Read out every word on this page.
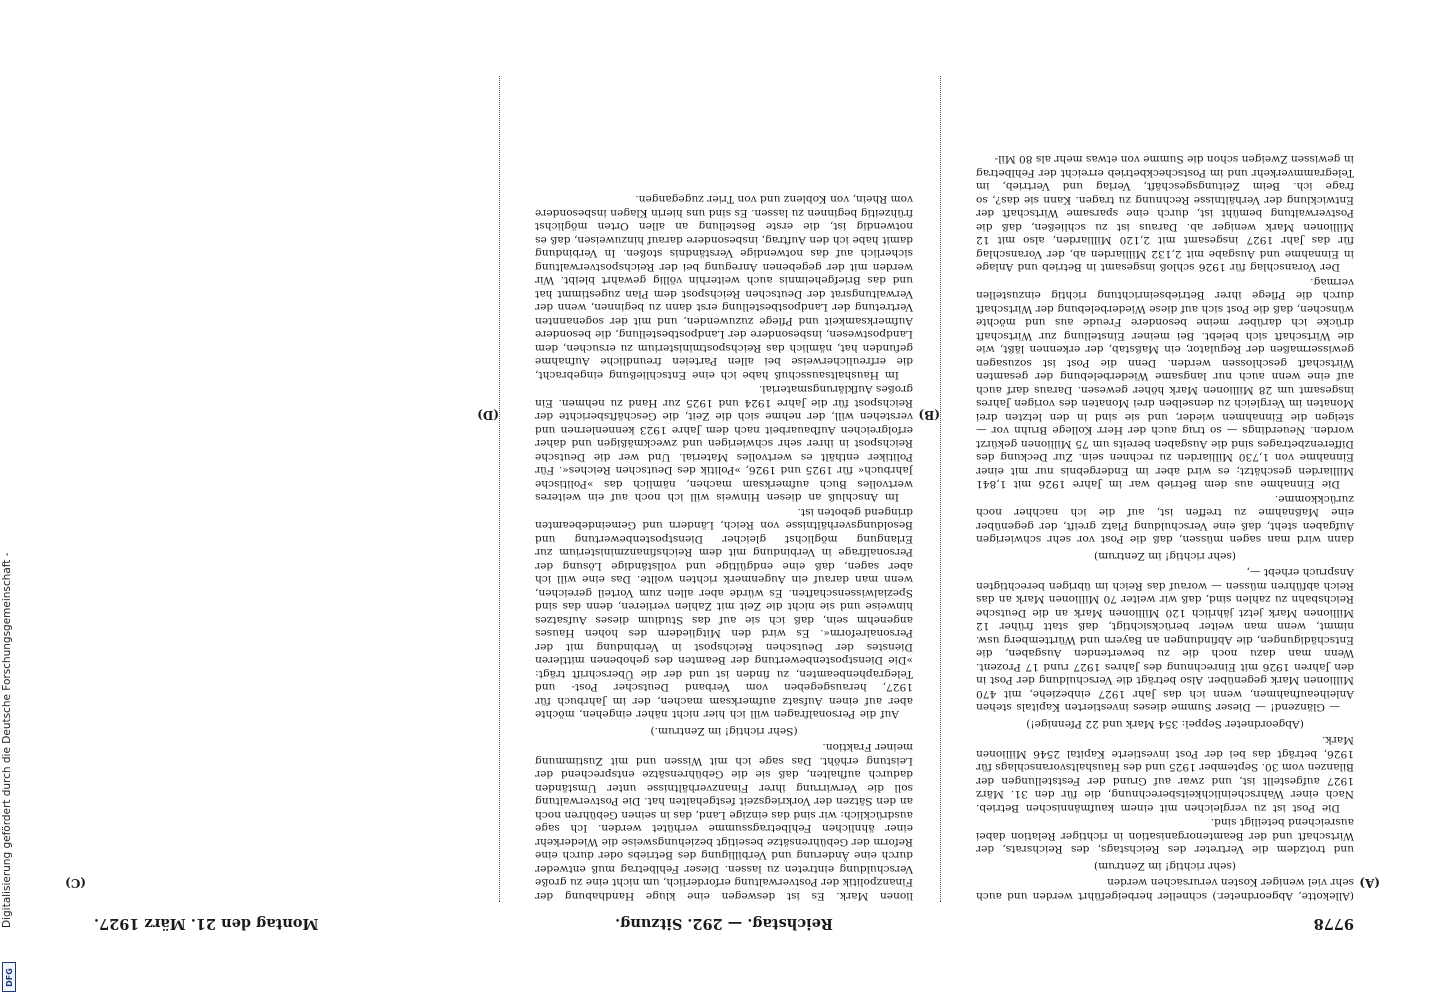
9778
Reichstag. — 292. Sitzung.
Montag den 21. März 1927.
(A)
(B)
(C)
(D)

(Allekotte, Abgeordneter.) schneller herbeigeführt werden und auch sehr viel weniger Kosten verursachen werden

(sehr richtig! im Zentrum)

und trotzdem die Vertreter des Reichstags, des Reichsrats, der Wirtschaft und der Beamtenorganisation in richtiger Relation dabei ausreichend beteiligt sind.

Die Post ist zu vergleichen mit einem kaufmännischen Betrieb. Nach einer Wahrscheinlichkeitsberechnung, die für den 31. März 1927 aufgestellt ist, und zwar auf Grund der Feststellungen der Bilanzen vom 30. September 1925 und des Haushaltsvoranschlags für 1926, beträgt das bei der Post investierte Kapital 2546 Millionen Mark.

(Abgeordneter Seppel: 354 Mark und 22 Pfennige!)

— Glänzend! — Dieser Summe dieses investierten Kapitals stehen Anleiheaufnahmen, wenn ich das Jahr 1927 einbeziehe, mit 470 Millionen Mark gegenüber. Also beträgt die Verschuldung der Post in den Jahren 1926 mit Einrechnung des Jahres 1927 rund 17 Prozent. Wenn man dazu noch die zu bewertenden Ausgaben, die Entschädigungen, die Abfindungen an Bayern und Württemberg usw. nimmt, wenn man weiter berücksichtigt, daß statt früher 12 Millionen Mark jetzt jährlich 120 Millionen Mark an die Deutsche Reichsbahn zu zahlen sind, daß wir weiter 70 Millionen Mark an das Reich abführen müssen — worauf das Reich im übrigen berechtigten Anspruch erhebt —,

(sehr richtig! im Zentrum)

dann wird man sagen müssen, daß die Post vor sehr schwierigen Aufgaben steht, daß eine Verschuldung Platz greift, der gegenüber eine Maßnahme zu treffen ist, auf die ich nachher noch zurückkomme.

Die Einnahme aus dem Betrieb war im Jahre 1926 mit 1,841 Milliarden geschätzt; es wird aber im Endergebnis nur mit einer Einnahme von 1,730 Milliarden zu rechnen sein. Zur Deckung des Differenzbetrages sind die Ausgaben bereits um 75 Millionen gekürzt worden. Neuerdings — so trug auch der Herr Kollege Bruhn vor — steigen die Einnahmen wieder, und sie sind in den letzten drei Monaten im Vergleich zu denselben drei Monaten des vorigen Jahres insgesamt um 28 Millionen Mark höher gewesen. Daraus darf auch auf eine wenn auch nur langsame Wiederbelebung der gesamten Wirtschaft geschlossen werden. Denn die Post ist sozusagen gewissermaßen der Regulator, ein Maßstab, der erkennen läßt, wie die Wirtschaft sich belebt. Bei meiner Einstellung zur Wirtschaft drücke ich darüber meine besondere Freude aus und möchte wünschen, daß die Post sich auf diese Wiederbelebung der Wirtschaft durch die Pflege ihrer Betriebseinrichtung richtig einzustellen vermag.

Der Voranschlag für 1926 schloß insgesamt in Betrieb und Anlage in Einnahme und Ausgabe mit 2,132 Milliarden ab, der Voranschlag für das Jahr 1927 insgesamt mit 2,120 Milliarden, also mit 12 Millionen Mark weniger ab. Daraus ist zu schließen, daß die Postverwaltung bemüht ist, durch eine sparsame Wirtschaft der Entwicklung der Verhältnisse Rechnung zu tragen. Kann sie das?, so frage ich. Beim Zeitungsgeschäft, Verlag und Vertrieb, im Telegrammverkehr und im Postscheckbetrieb erreicht der Fehlbetrag in gewissen Zweigen schon die Summe von etwas mehr als 80 Mil-

lionen Mark. Es ist deswegen eine kluge Handhabung der Finanzpolitik der Postverwaltung erforderlich, um nicht eine zu große Verschuldung eintreten zu lassen. Dieser Fehlbetrag muß entweder durch eine Änderung und Verbilligung des Betriebs oder durch eine Reform der Gebührensätze beseitigt beziehungsweise die Wiederkehr einer ähnlichen Fehlbetragssumme verhütet werden. Ich sage ausdrücklich: wir sind das einzige Land, das in seinen Gebühren noch an den Sätzen der Vorkriegszeit festgehalten hat. Die Postverwaltung soll die Verwirrung ihrer Finanzverhältnisse unter Umständen dadurch aufhalten, daß sie die Gebührensätze entsprechend der Leistung erhöht. Das sage ich mit Wissen und mit Zustimmung meiner Fraktion.

(Sehr richtig! im Zentrum.)

Auf die Personalfragen will ich hier nicht näher eingehen, möchte aber auf einen Aufsatz aufmerksam machen, der im Jahrbuch für 1927, herausgegeben vom Verband Deutscher Post- und Telegraphenbeamten, zu finden ist und der die Überschrift trägt: »Die Dienstpostenbewertung der Beamten des gehobenen mittleren Dienstes der Deutschen Reichspost in Verbindung mit der Personalreform«. Es wird den Mitgliedern des hohen Hauses angenehm sein, daß ich sie auf das Studium dieses Aufsatzes hinweise und sie nicht die Zeit mit Zahlen verlieren, denn das sind Spezialwissenschaften. Es würde aber allen zum Vorteil gereichen, wenn man darauf ein Augenmerk richten wollte. Das eine will ich aber sagen, daß eine endgültige und vollständige Lösung der Personalfrage in Verbindung mit dem Reichsfinanzministerium zur Erlangung möglichst gleicher Dienstpostenbewertung und Besoldungsverhältnisse von Reich, Ländern und Gemeindebeamten dringend geboten ist.

Im Anschluß an diesen Hinweis will ich noch auf ein weiteres wertvolles Buch aufmerksam machen, nämlich das »Politische Jahrbuch« für 1925 und 1926, »Politik des Deutschen Reiches«. Für Politiker enthält es wertvolles Material. Und wer die Deutsche Reichspost in ihrer sehr schwierigen und zweckmäßigen und daher erfolgreichen Aufbauarbeit nach dem Jahre 1923 kennenlernen und verstehen will, der nehme sich die Zeit, die Geschäftsberichte der Reichspost für die Jahre 1924 und 1925 zur Hand zu nehmen. Ein großes Aufklärungsmaterial.

Im Haushaltsausschuß habe ich eine Entschließung eingebracht, die erfreulicherweise bei allen Parteien freundliche Aufnahme gefunden hat, nämlich das Reichspostministerium zu ersuchen, dem Landpostwesen, insbesondere der Landpostbestellung, die besondere Aufmerksamkeit und Pflege zuzuwenden, und mit der sogenannten Vertretung der Landpostbestellung erst dann zu beginnen, wenn der Verwaltungsrat der Deutschen Reichspost dem Plan zugestimmt hat und das Briefgeheimnis auch weiterhin völlig gewahrt bleibt. Wir werden mit der gegebenen Anregung bei der Reichspostverwaltung sicherlich auf das notwendige Verständnis stoßen. In Verbindung damit habe ich den Auftrag, insbesondere darauf hinzuweisen, daß es notwendig ist, die erste Bestellung an allen Orten möglichst frühzeitig beginnen zu lassen. Es sind uns hierin Klagen insbesondere vom Rhein, von Koblenz und von Trier zugegangen.

Digitalisierung gefördert durch die Deutsche Forschungsgemeinschaft -
DFG
